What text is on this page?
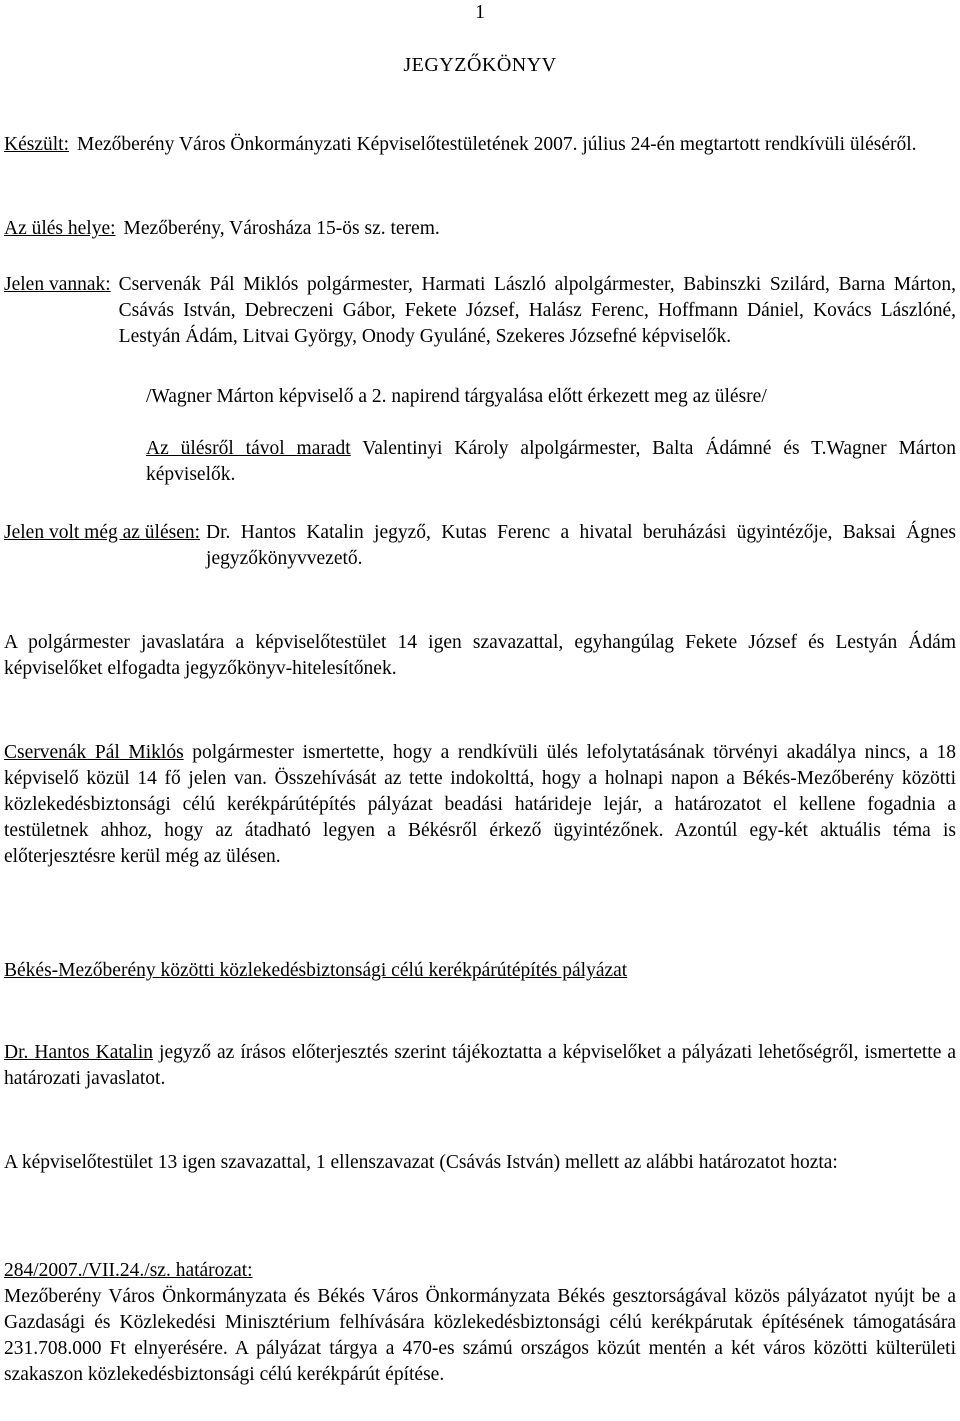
1
JEGYZŐKÖNYV
Készült: Mezőberény Város Önkormányzati Képviselőtestületének 2007. július 24-én megtartott rendkívüli üléséről.
Az ülés helye: Mezőberény, Városháza 15-ös sz. terem.
Jelen vannak: Cservenák Pál Miklós polgármester, Harmati László alpolgármester, Babinszki Szilárd, Barna Márton, Csávás István, Debreczeni Gábor, Fekete József, Halász Ferenc, Hoffmann Dániel, Kovács Lászlóné, Lestyán Ádám, Litvai György, Onody Gyuláné, Szekeres Józsefné képviselők.
/Wagner Márton képviselő a 2. napirend tárgyalása előtt érkezett meg az ülésre/
Az ülésről távol maradt Valentinyi Károly alpolgármester, Balta Ádámné és T.Wagner Márton képviselők.
Jelen volt még az ülésen: Dr. Hantos Katalin jegyző, Kutas Ferenc a hivatal beruházási ügyintézője, Baksai Ágnes jegyzőkönyvvezető.
A polgármester javaslatára a képviselőtestület 14 igen szavazattal, egyhangúlag Fekete József és Lestyán Ádám képviselőket elfogadta jegyzőkönyv-hitelesítőnek.
Cservenák Pál Miklós polgármester ismertette, hogy a rendkívüli ülés lefolytatásának törvényi akadálya nincs, a 18 képviselő közül 14 fő jelen van. Összehívását az tette indokolttá, hogy a holnapi napon a Békés-Mezőberény közötti közlekedésbiztonsági célú kerékpárútépítés pályázat beadási határideje lejár, a határozatot el kellene fogadnia a testületnek ahhoz, hogy az átadható legyen a Békésről érkező ügyintézőnek. Azontúl egy-két aktuális téma is előterjesztésre kerül még az ülésen.
Békés-Mezőberény közötti közlekedésbiztonsági célú kerékpárútépítés pályázat
Dr. Hantos Katalin jegyző az írásos előterjesztés szerint tájékoztatta a képviselőket a pályázati lehetőségről, ismertette a határozati javaslatot.
A képviselőtestület 13 igen szavazattal, 1 ellenszavazat (Csávás István) mellett az alábbi határozatot hozta:
284/2007./VII.24./sz. határozat:
Mezőberény Város Önkormányzata és Békés Város Önkormányzata Békés gesztorságával közös pályázatot nyújt be a Gazdasági és Közlekedési Minisztérium felhívására közlekedésbiztonsági célú kerékpárutak építésének támogatására 231.708.000 Ft elnyerésére. A pályázat tárgya a 470-es számú országos közút mentén a két város közötti külterületi szakaszon közlekedésbiztonsági célú kerékpárút építése.
